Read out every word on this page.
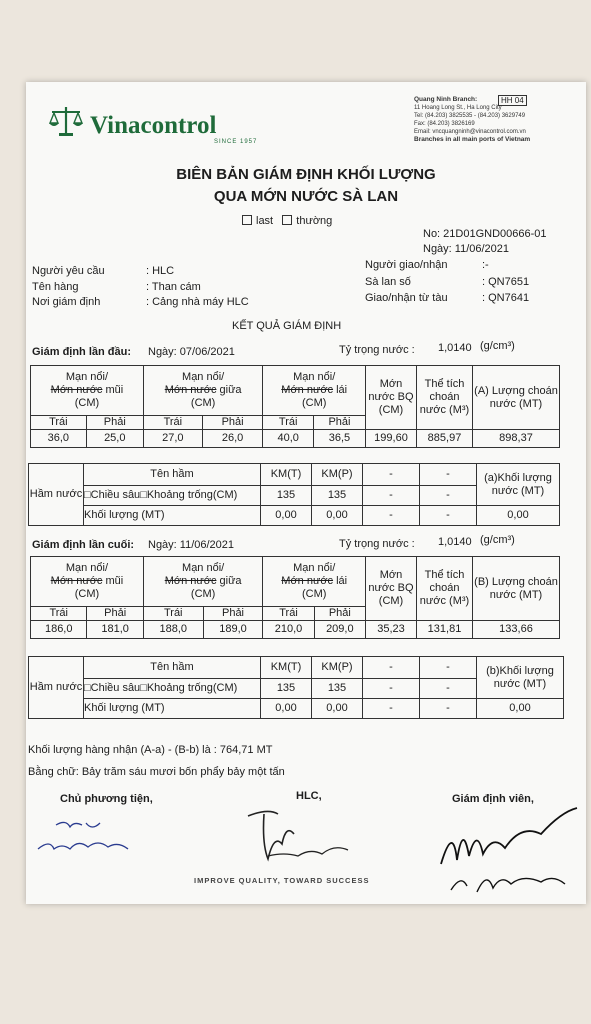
Vinacontrol
SINCE 1957
Quang Ninh Branch:
11 Hoang Long St., Ha Long City
Tel: (84.203) 3825535 - (84.203) 3629749
Fax: (84.203) 3826169
Email: vncquangninh@vinacontrol.com.vn
Branches in all main ports of Vietnam
HH 04
BIÊN BẢN GIÁM ĐỊNH KHỐI LƯỢNG
QUA MỚN NƯỚC SÀ LAN
last thường
No: 21D01GND00666-01
Ngày: 11/06/2021
Người yêu cầu	: HLC
Tên hàng	: Than cám
Nơi giám định	: Cảng nhà máy HLC
Người giao/nhận	:-
Sà lan số	: QN7651
Giao/nhận từ tàu	: QN7641
KẾT QUẢ GIÁM ĐỊNH
Giám định lần đầu: Ngày: 07/06/2021	Tỷ trọng nước : 1,0140 (g/cm³)
Mạn nổi/
Mớn nước mũi
(CM)		Mạn nổi/
Mớn nước giữa
(CM)		Mạn nổi/
Mớn nước lái
(CM)		Mớn nước BQ (CM)	Thể tích choán nước (M³)	(A) Lượng choán nước (MT)
Trái	Phải	Trái	Phải	Trái	Phải			
36,0	25,0	27,0	26,0	40,0	36,5	199,60	885,97	898,37
Hầm nước	Tên hầm	KM(T)	KM(P)	-	-	(a)Khối lượng nước (MT)
	□Chiều sâu□Khoảng trống(CM)	135	135	-	-	
	Khối lượng (MT)	0,00	0,00	-	-	0,00
Giám định lần cuối: Ngày: 11/06/2021	Tỷ trọng nước : 1,0140 (g/cm³)
Mạn nổi/
Mớn nước mũi
(CM)		Mạn nổi/
Mớn nước giữa
(CM)		Mạn nổi/
Mớn nước lái
(CM)		Mớn nước BQ (CM)	Thể tích choán nước (M³)	(B) Lượng choán nước (MT)
Trái	Phải	Trái	Phải	Trái	Phải			
186,0	181,0	188,0	189,0	210,0	209,0	35,23	131,81	133,66
Hầm nước	Tên hầm	KM(T)	KM(P)	-	-	(b)Khối lượng nước (MT)
	□Chiều sâu□Khoảng trống(CM)	135	135	-	-	
	Khối lượng (MT)	0,00	0,00	-	-	0,00
Khối lượng hàng nhận (A-a) - (B-b) là : 764,71 MT
Bằng chữ: Bảy trăm sáu mươi bốn phẩy bảy một tấn
Chủ phương tiện,	HLC,	Giám định viên,
IMPROVE QUALITY, TOWARD SUCCESS
